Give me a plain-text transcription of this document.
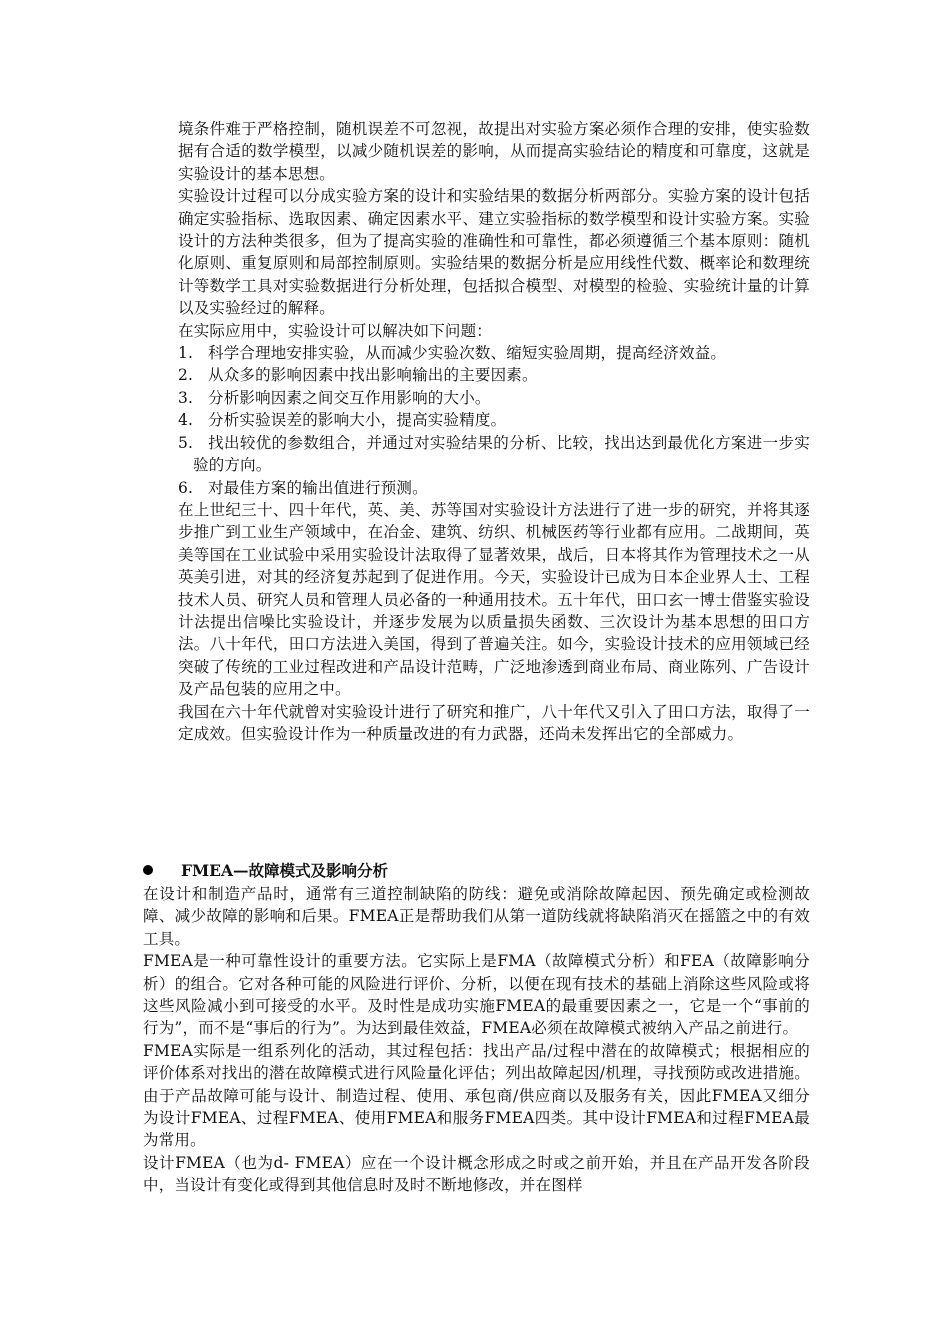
境条件难于严格控制，随机误差不可忽视，故提出对实验方案必须作合理的安排，使实验数据有合适的数学模型，以减少随机误差的影响，从而提高实验结论的精度和可靠度，这就是实验设计的基本思想。

实验设计过程可以分成实验方案的设计和实验结果的数据分析两部分。实验方案的设计包括确定实验指标、选取因素、确定因素水平、建立实验指标的数学模型和设计实验方案。实验设计的方法种类很多，但为了提高实验的准确性和可靠性，都必须遵循三个基本原则：随机化原则、重复原则和局部控制原则。实验结果的数据分析是应用线性代数、概率论和数理统计等数学工具对实验数据进行分析处理，包括拟合模型、对模型的检验、实验统计量的计算以及实验经过的解释。

在实际应用中，实验设计可以解决如下问题：

1. 科学合理地安排实验，从而减少实验次数、缩短实验周期，提高经济效益。
2. 从众多的影响因素中找出影响输出的主要因素。
3. 分析影响因素之间交互作用影响的大小。
4. 分析实验误差的影响大小，提高实验精度。
5. 找出较优的参数组合，并通过对实验结果的分析、比较，找出达到最优化方案进一步实验的方向。
6. 对最佳方案的输出值进行预测。

在上世纪三十、四十年代，英、美、苏等国对实验设计方法进行了进一步的研究，并将其逐步推广到工业生产领域中，在冶金、建筑、纺织、机械医药等行业都有应用。二战期间，英美等国在工业试验中采用实验设计法取得了显著效果，战后，日本将其作为管理技术之一从英美引进，对其的经济复苏起到了促进作用。今天，实验设计已成为日本企业界人士、工程技术人员、研究人员和管理人员必备的一种通用技术。五十年代，田口玄一博士借鉴实验设计法提出信噪比实验设计，并逐步发展为以质量损失函数、三次设计为基本思想的田口方法。八十年代，田口方法进入美国，得到了普遍关注。如今，实验设计技术的应用领域已经突破了传统的工业过程改进和产品设计范畴，广泛地渗透到商业布局、商业陈列、广告设计及产品包装的应用之中。

我国在六十年代就曾对实验设计进行了研究和推广，八十年代又引入了田口方法，取得了一定成效。但实验设计作为一种质量改进的有力武器，还尚未发挥出它的全部威力。

FMEA—故障模式及影响分析

在设计和制造产品时，通常有三道控制缺陷的防线：避免或消除故障起因、预先确定或检测故障、减少故障的影响和后果。FMEA正是帮助我们从第一道防线就将缺陷消灭在摇篮之中的有效工具。

FMEA是一种可靠性设计的重要方法。它实际上是FMA（故障模式分析）和FEA（故障影响分析）的组合。它对各种可能的风险进行评价、分析，以便在现有技术的基础上消除这些风险或将这些风险减小到可接受的水平。及时性是成功实施FMEA的最重要因素之一，它是一个“事前的行为”，而不是“事后的行为”。为达到最佳效益，FMEA必须在故障模式被纳入产品之前进行。

FMEA实际是一组系列化的活动，其过程包括：找出产品/过程中潜在的故障模式；根据相应的评价体系对找出的潜在故障模式进行风险量化评估；列出故障起因/机理，寻找预防或改进措施。由于产品故障可能与设计、制造过程、使用、承包商/供应商以及服务有关，因此FMEA又细分为设计FMEA、过程FMEA、使用FMEA和服务FMEA四类。其中设计FMEA和过程FMEA最为常用。

设计FMEA（也为d- FMEA）应在一个设计概念形成之时或之前开始，并且在产品开发各阶段中，当设计有变化或得到其他信息时及时不断地修改，并在图样
